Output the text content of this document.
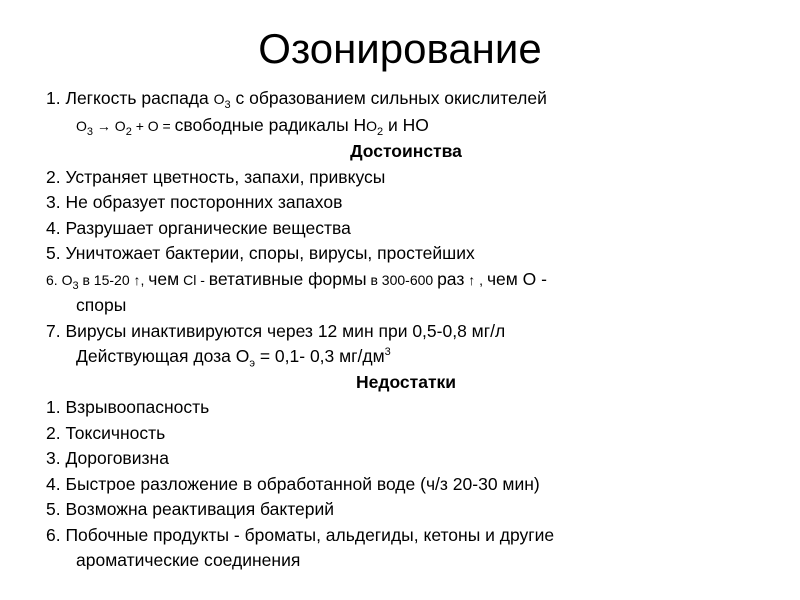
Озонирование
1. Легкость распада $O_3$ с образованием сильных окислителей
$O_3 \to O_2 + O$ = свободные радикалы $HO_2$ и HO
Достоинства
2. Устраняет цветность, запахи, привкусы
3. Не образует посторонних запахов
4. Разрушает органические вещества
5. Уничтожает бактерии, споры, вирусы, простейших
6. $O_3$ в 15-20 ↑, чем Cl - ветативные формы в 300-600 раз ↑ , чем O -
споры
7. Вирусы инактивируются через 12 мин при 0,5-0,8 мг/л
Действующая доза $O_э = 0,1-$ 0,3 $мг/дм^3$
Недостатки
1. Взрывоопасность
2. Токсичность
3. Дороговизна
4. Быстрое разложение в обработанной воде (ч/з 20-30 мин)
5. Возможна реактивация бактерий
6. Побочные продукты - броматы, альдегиды, кетоны и другие
ароматические соединения
